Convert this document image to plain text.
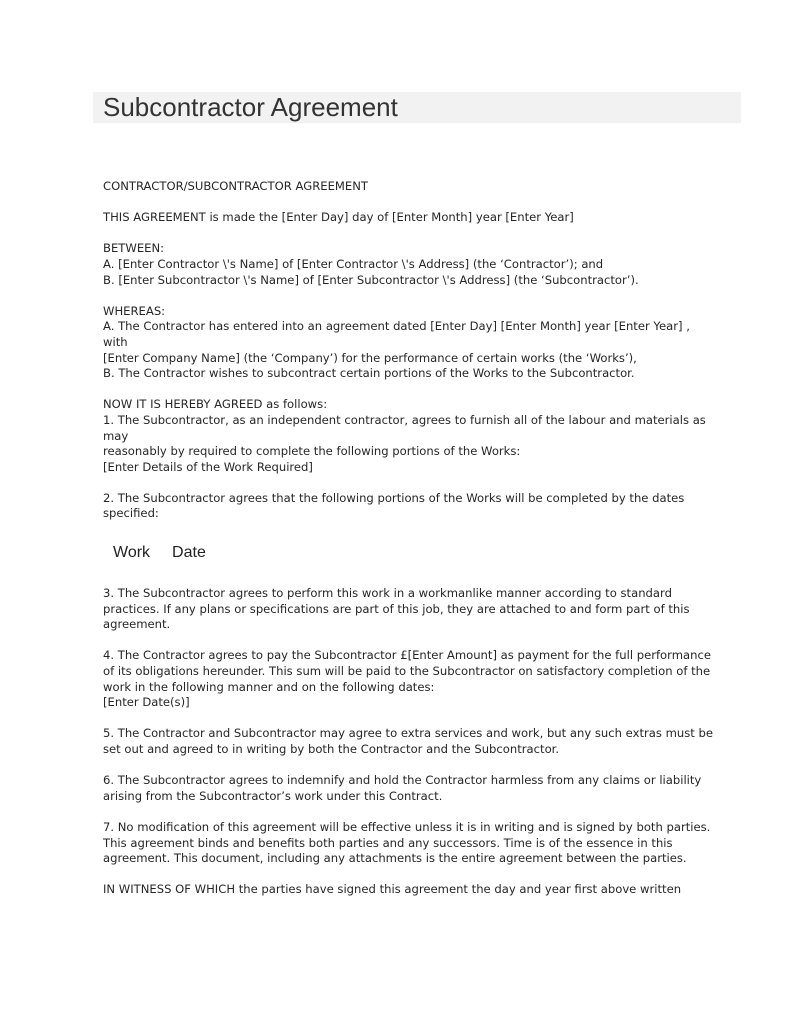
Subcontractor Agreement

CONTRACTOR/SUBCONTRACTOR AGREEMENT

THIS AGREEMENT is made the [Enter Day] day of [Enter Month] year [Enter Year]

BETWEEN:
A. [Enter Contractor \'s Name] of [Enter Contractor \'s Address] (the ‘Contractor’); and
B. [Enter Subcontractor \'s Name] of [Enter Subcontractor \'s Address] (the ‘Subcontractor’).

WHEREAS:
A. The Contractor has entered into an agreement dated [Enter Day] [Enter Month] year [Enter Year] ,
with
[Enter Company Name] (the ‘Company’) for the performance of certain works (the ‘Works’),
B. The Contractor wishes to subcontract certain portions of the Works to the Subcontractor.

NOW IT IS HEREBY AGREED as follows:
1. The Subcontractor, as an independent contractor, agrees to furnish all of the labour and materials as
may
reasonably by required to complete the following portions of the Works:
[Enter Details of the Work Required]

2. The Subcontractor agrees that the following portions of the Works will be completed by the dates
specified:

Work Date

3. The Subcontractor agrees to perform this work in a workmanlike manner according to standard
practices. If any plans or specifications are part of this job, they are attached to and form part of this
agreement.

4. The Contractor agrees to pay the Subcontractor £[Enter Amount] as payment for the full performance
of its obligations hereunder. This sum will be paid to the Subcontractor on satisfactory completion of the
work in the following manner and on the following dates:
[Enter Date(s)]

5. The Contractor and Subcontractor may agree to extra services and work, but any such extras must be
set out and agreed to in writing by both the Contractor and the Subcontractor.

6. The Subcontractor agrees to indemnify and hold the Contractor harmless from any claims or liability
arising from the Subcontractor’s work under this Contract.

7. No modification of this agreement will be effective unless it is in writing and is signed by both parties.
This agreement binds and benefits both parties and any successors. Time is of the essence in this
agreement. This document, including any attachments is the entire agreement between the parties.

IN WITNESS OF WHICH the parties have signed this agreement the day and year first above written
